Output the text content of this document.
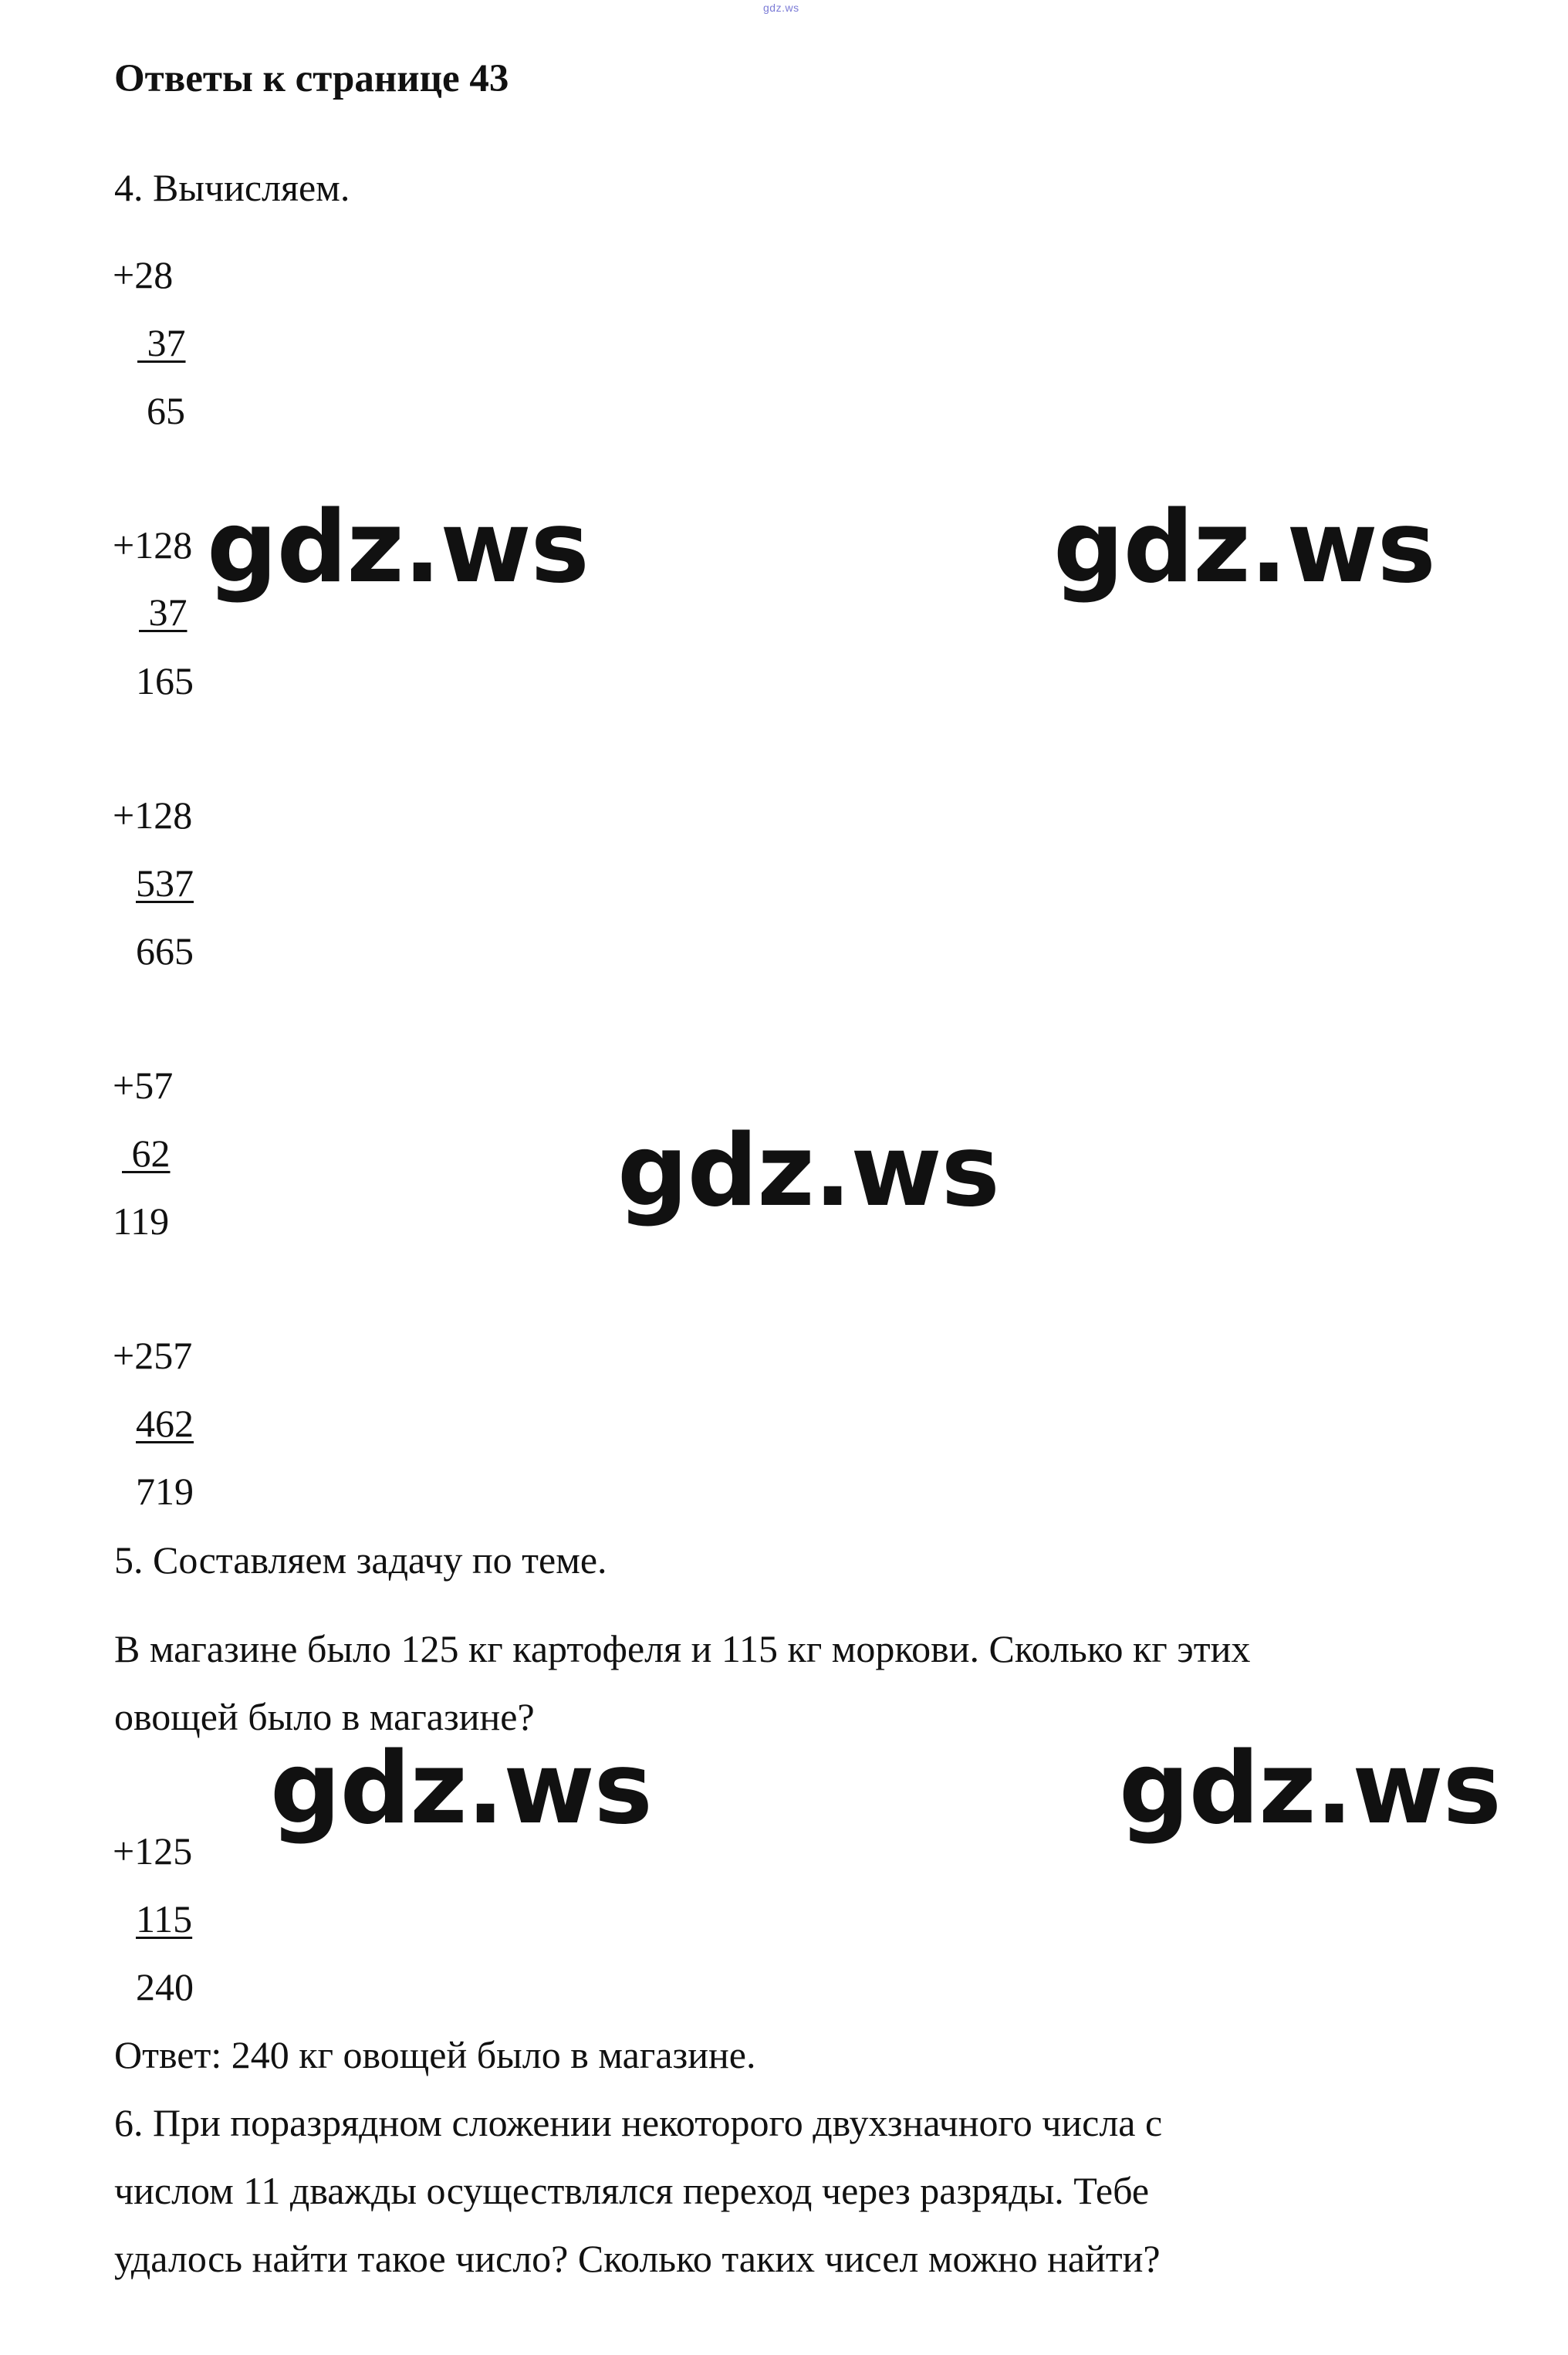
gdz.ws
Ответы к странице 43
4. Вычисляем.
+28
37
65
+128
37
165
+128
537
665
+57
62
119
+257
462
719
5. Составляем задачу по теме.
В магазине было 125 кг картофеля и 115 кг моркови. Сколько кг этих
овощей было в магазине?
+125
115
240
Ответ: 240 кг овощей было в магазине.
6. При поразрядном сложении некоторого двухзначного числа с
числом 11 дважды осуществлялся переход через разряды. Тебе
удалось найти такое число? Сколько таких чисел можно найти?
gdz.ws	gdz.ws
gdz.ws
gdz.ws	gdz.ws
